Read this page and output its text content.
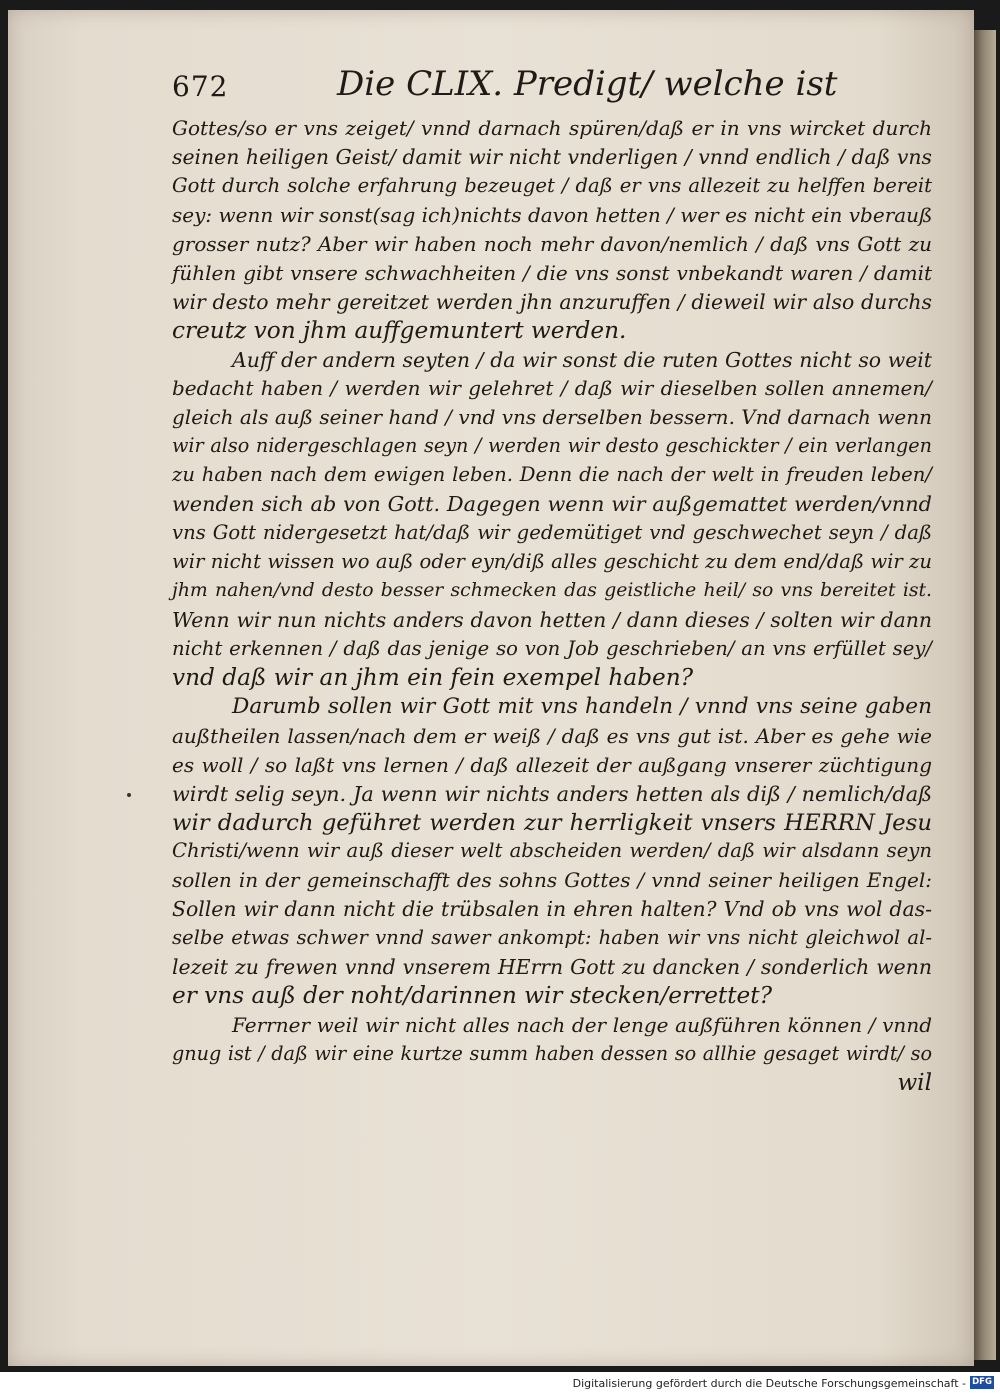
672	Die CLIX. Predigt/ welche ist
Gottes/so er vns zeiget/ vnnd darnach spüren/daß er in vns wircket durch
seinen heiligen Geist/ damit wir nicht vnderligen / vnnd endlich / daß vns
Gott durch solche erfahrung bezeuget / daß er vns allezeit zu helffen bereit
sey: wenn wir sonst(sag ich)nichts davon hetten / wer es nicht ein vberauß
grosser nutz? Aber wir haben noch mehr davon/nemlich / daß vns Gott zu
fühlen gibt vnsere schwachheiten / die vns sonst vnbekandt waren / damit
wir desto mehr gereitzet werden jhn anzuruffen / dieweil wir also durchs
creutz von jhm auffgemuntert werden.
Auff der andern seyten / da wir sonst die ruten Gottes nicht so weit
bedacht haben / werden wir gelehret / daß wir dieselben sollen annemen/
gleich als auß seiner hand / vnd vns derselben bessern. Vnd darnach wenn
wir also nidergeschlagen seyn / werden wir desto geschickter / ein verlangen
zu haben nach dem ewigen leben. Denn die nach der welt in freuden leben/
wenden sich ab von Gott. Dagegen wenn wir außgemattet werden/vnnd
vns Gott nidergesetzt hat/daß wir gedemütiget vnd geschwechet seyn / daß
wir nicht wissen wo auß oder eyn/diß alles geschicht zu dem end/daß wir zu
jhm nahen/vnd desto besser schmecken das geistliche heil/ so vns bereitet ist.
Wenn wir nun nichts anders davon hetten / dann dieses / solten wir dann
nicht erkennen / daß das jenige so von Job geschrieben/ an vns erfüllet sey/
vnd daß wir an jhm ein fein exempel haben?
Darumb sollen wir Gott mit vns handeln / vnnd vns seine gaben
außtheilen lassen/nach dem er weiß / daß es vns gut ist. Aber es gehe wie
es woll / so laßt vns lernen / daß allezeit der außgang vnserer züchtigung
wirdt selig seyn. Ja wenn wir nichts anders hetten als diß / nemlich/daß
wir dadurch geführet werden zur herrligkeit vnsers HERRN Jesu
Christi/wenn wir auß dieser welt abscheiden werden/ daß wir alsdann seyn
sollen in der gemeinschafft des sohns Gottes / vnnd seiner heiligen Engel:
Sollen wir dann nicht die trübsalen in ehren halten? Vnd ob vns wol das-
selbe etwas schwer vnnd sawer ankompt: haben wir vns nicht gleichwol al-
lezeit zu frewen vnnd vnserem HErrn Gott zu dancken / sonderlich wenn
er vns auß der noht/darinnen wir stecken/errettet?
Ferrner weil wir nicht alles nach der lenge außführen können / vnnd
gnug ist / daß wir eine kurtze summ haben dessen so allhie gesaget wirdt/ so
wil
Digitalisierung gefördert durch die Deutsche Forschungsgemeinschaft - DFG
